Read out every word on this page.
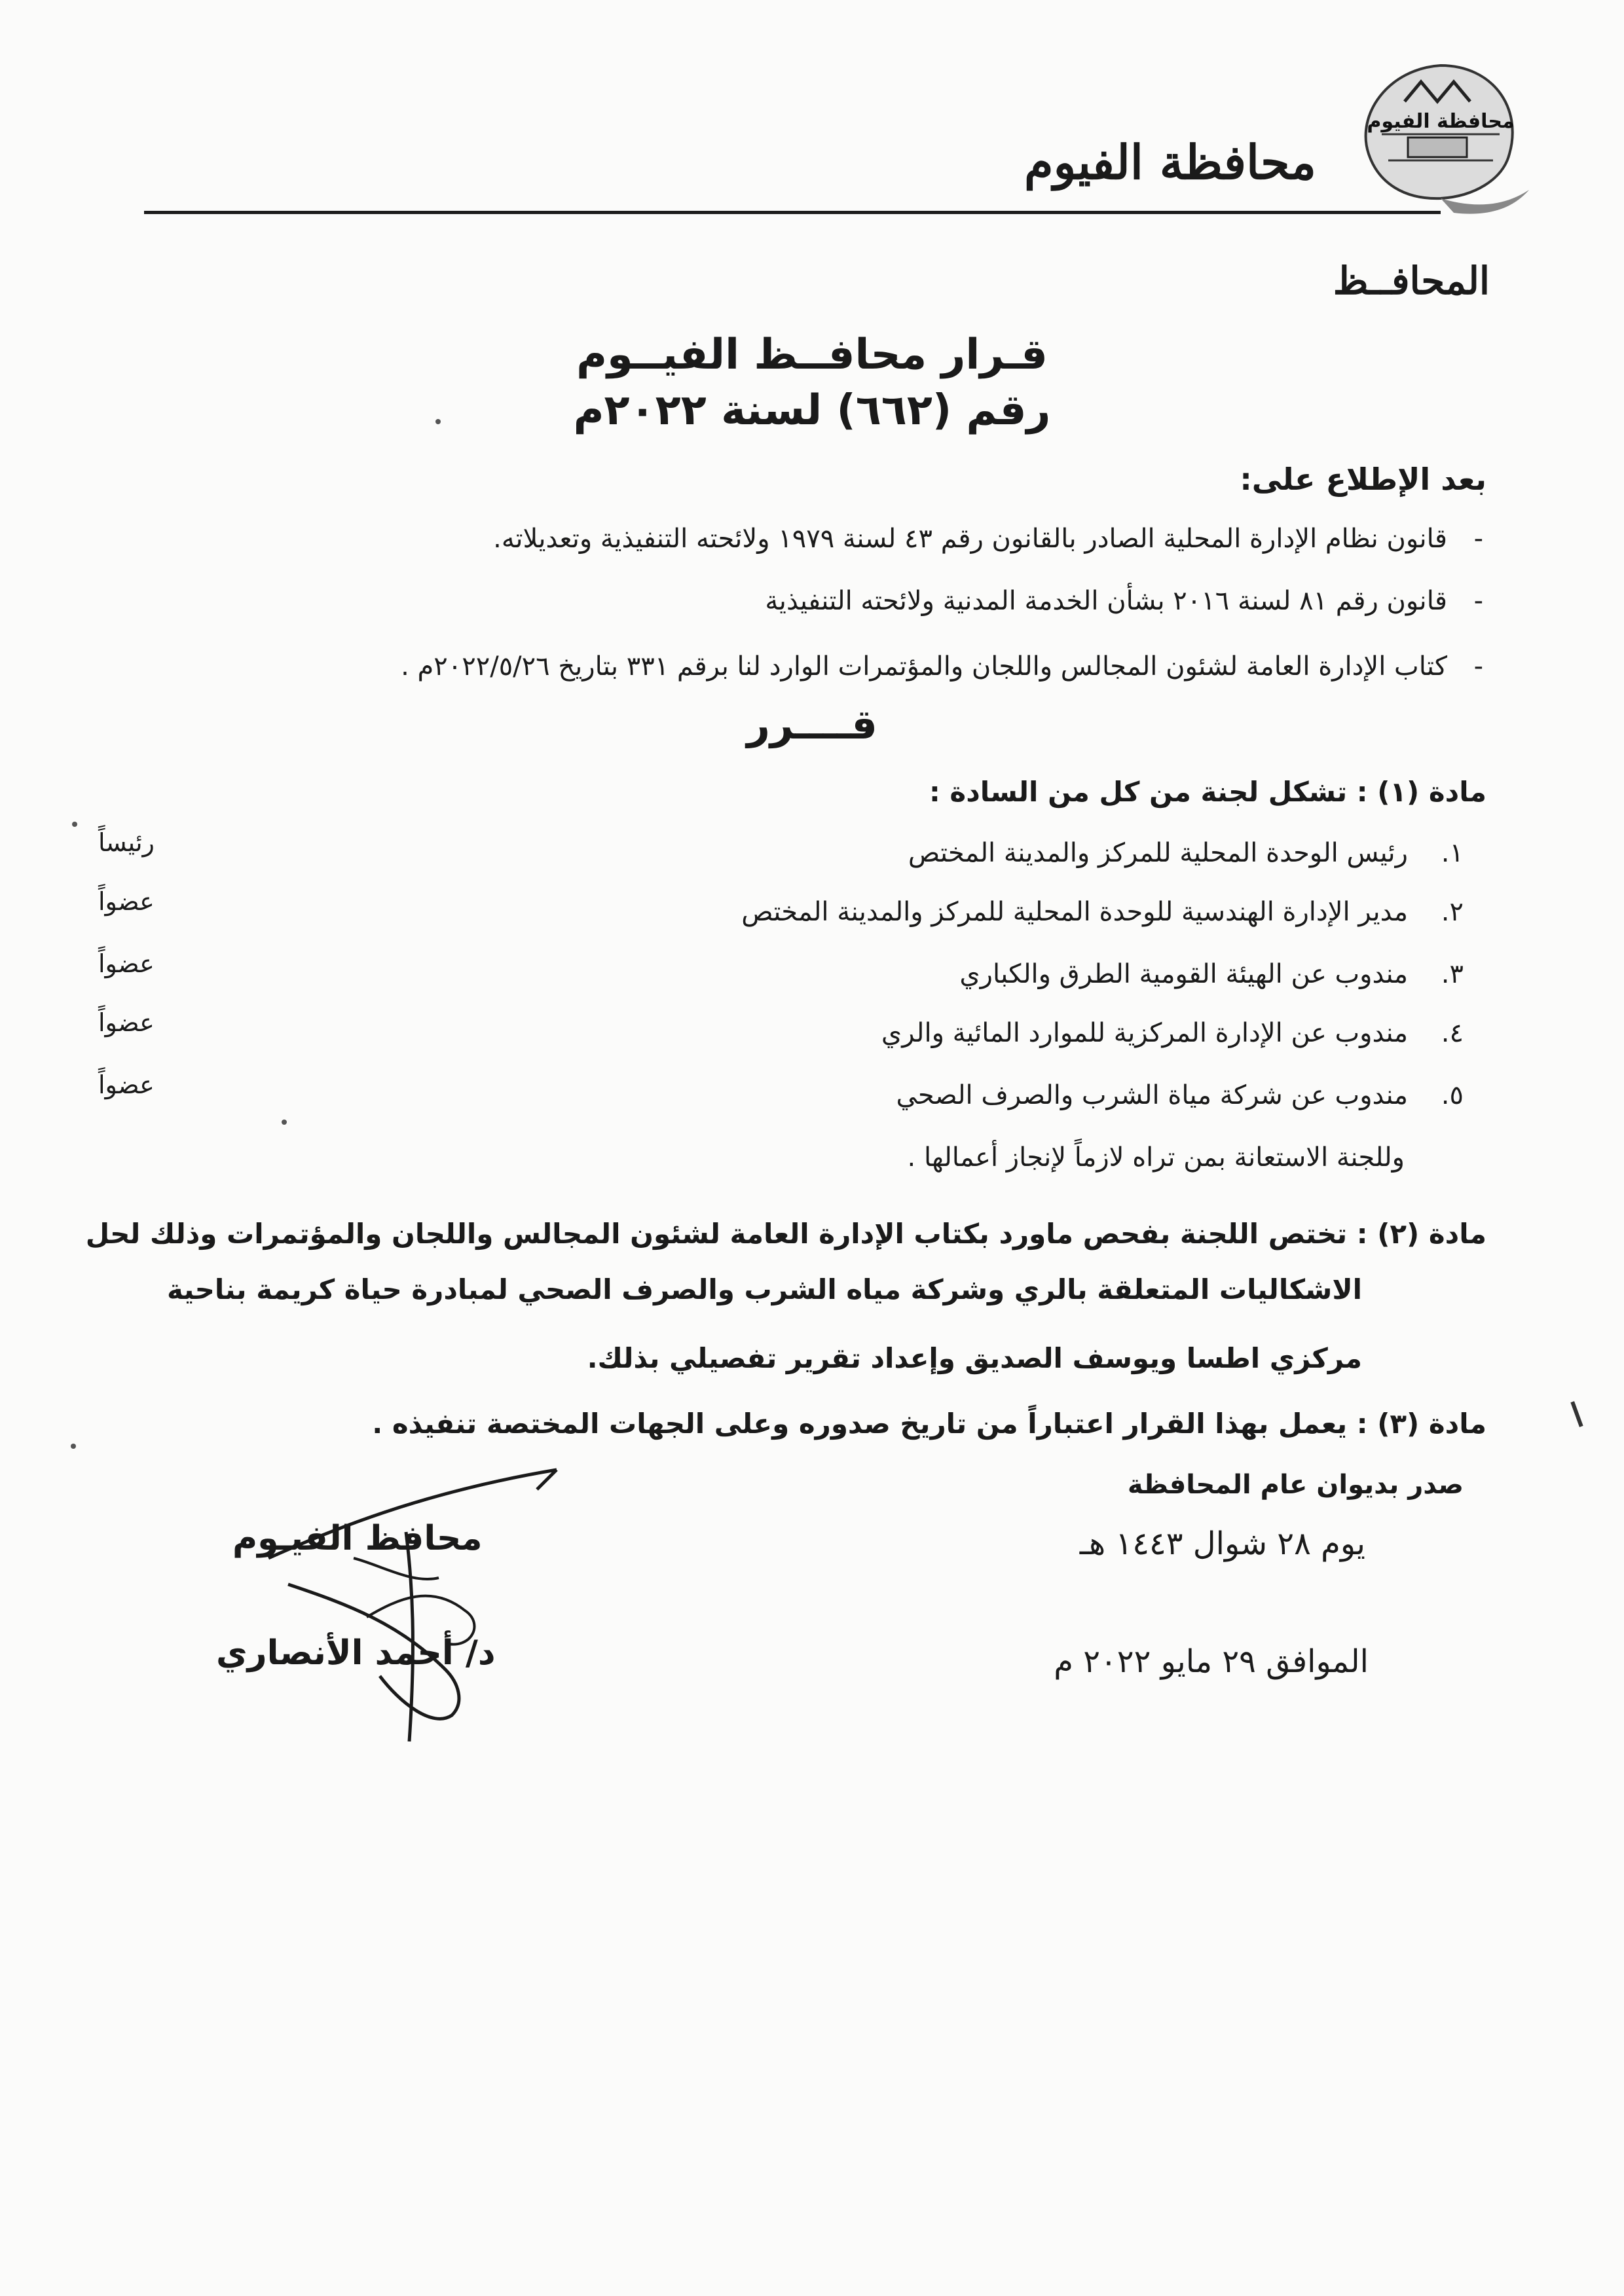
محافظة الفيوم
محافظة الفيوم
المحافــظ
قـرار محافــظ الفيــوم
رقم (٦٦٢) لسنة ٢٠٢٢م
بعد الإطلاع على:
-
قانون نظام الإدارة المحلية الصادر بالقانون رقم ٤٣ لسنة ١٩٧٩ ولائحته التنفيذية وتعديلاته.
-
قانون رقم ٨١ لسنة ٢٠١٦ بشأن الخدمة المدنية ولائحته التنفيذية
-
كتاب الإدارة العامة لشئون المجالس واللجان والمؤتمرات الوارد لنا برقم ٣٣١ بتاريخ ٢٠٢٢/٥/٢٦م .
قــــرر
مادة (١) : تشكل لجنة من كل من السادة :
١.
رئيس الوحدة المحلية للمركز والمدينة المختص
٢.
مدير الإدارة الهندسية للوحدة المحلية للمركز والمدينة المختص
٣.
مندوب عن الهيئة القومية الطرق والكباري
٤.
مندوب عن الإدارة المركزية للموارد المائية والري
٥.
مندوب عن شركة مياة الشرب والصرف الصحي
رئيساً
عضواً
عضواً
عضواً
عضواً
وللجنة الاستعانة بمن تراه لازماً لإنجاز أعمالها .
مادة (٢) : تختص اللجنة بفحص ماورد بكتاب الإدارة العامة لشئون المجالس واللجان والمؤتمرات وذلك لحل
الاشكاليات المتعلقة بالري وشركة مياه الشرب والصرف الصحي لمبادرة حياة كريمة بناحية
مركزي اطسا ويوسف الصديق وإعداد تقرير تفصيلي بذلك.
مادة (٣) : يعمل بهذا القرار اعتباراً من تاريخ صدوره وعلى الجهات المختصة تنفيذه .
صدر بديوان عام المحافظة
يوم ٢٨ شوال ١٤٤٣ هـ
الموافق ٢٩ مايو ٢٠٢٢ م
محافظ الفيـوم
د/ أحمد الأنصاري
